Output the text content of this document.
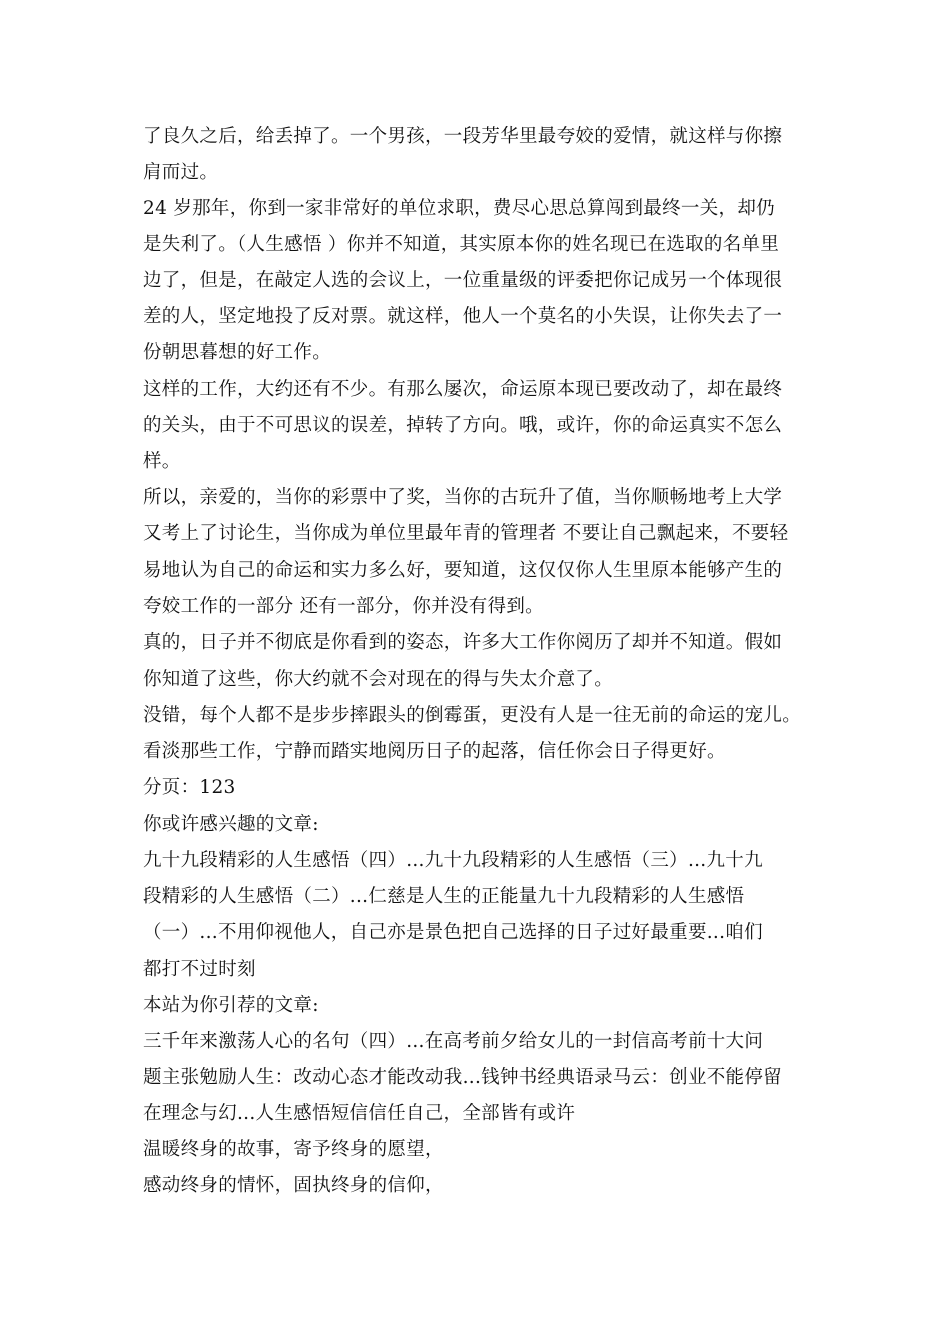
了良久之后，给丢掉了。一个男孩，一段芳华里最夸姣的爱情，就这样与你擦
肩而过。
24 岁那年，你到一家非常好的单位求职，费尽心思总算闯到最终一关，却仍
是失利了。（人生感悟 ）你并不知道，其实原本你的姓名现已在选取的名单里
边了，但是，在敲定人选的会议上，一位重量级的评委把你记成另一个体现很
差的人，坚定地投了反对票。就这样，他人一个莫名的小失误，让你失去了一
份朝思暮想的好工作。
这样的工作，大约还有不少。有那么屡次，命运原本现已要改动了，却在最终
的关头，由于不可思议的误差，掉转了方向。哦，或许，你的命运真实不怎么
样。
所以，亲爱的，当你的彩票中了奖，当你的古玩升了值，当你顺畅地考上大学
又考上了讨论生，当你成为单位里最年青的管理者 不要让自己飘起来，不要轻
易地认为自己的命运和实力多么好，要知道，这仅仅你人生里原本能够产生的
夸姣工作的一部分 还有一部分，你并没有得到。
真的，日子并不彻底是你看到的姿态，许多大工作你阅历了却并不知道。假如
你知道了这些，你大约就不会对现在的得与失太介意了。
没错，每个人都不是步步摔跟头的倒霉蛋，更没有人是一往无前的命运的宠儿。
看淡那些工作，宁静而踏实地阅历日子的起落，信任你会日子得更好。
分页：123
你或许感兴趣的文章:
九十九段精彩的人生感悟（四）...九十九段精彩的人生感悟（三）...九十九
段精彩的人生感悟（二）...仁慈是人生的正能量九十九段精彩的人生感悟
（一）...不用仰视他人，自己亦是景色把自己选择的日子过好最重要...咱们
都打不过时刻
本站为你引荐的文章:
三千年来激荡人心的名句（四）...在高考前夕给女儿的一封信高考前十大问
题主张勉励人生：改动心态才能改动我...钱钟书经典语录马云：创业不能停留
在理念与幻...人生感悟短信信任自己，全部皆有或许
温暖终身的故事，寄予终身的愿望，
感动终身的情怀，固执终身的信仰，
